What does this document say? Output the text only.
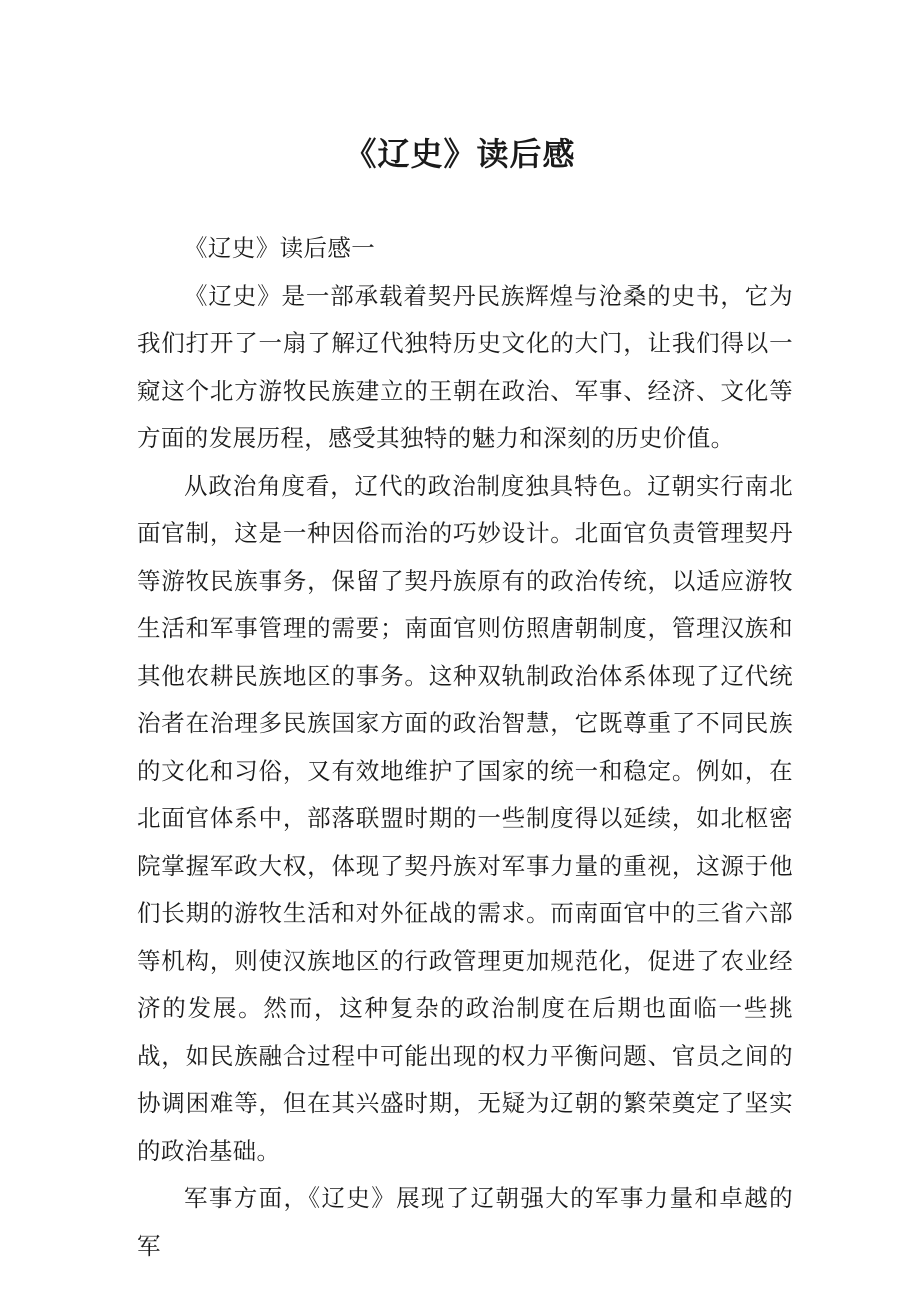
《辽史》读后感

《辽史》读后感一

《辽史》是一部承载着契丹民族辉煌与沧桑的史书，它为我们打开了一扇了解辽代独特历史文化的大门，让我们得以一窥这个北方游牧民族建立的王朝在政治、军事、经济、文化等方面的发展历程，感受其独特的魅力和深刻的历史价值。

从政治角度看，辽代的政治制度独具特色。辽朝实行南北面官制，这是一种因俗而治的巧妙设计。北面官负责管理契丹等游牧民族事务，保留了契丹族原有的政治传统，以适应游牧生活和军事管理的需要；南面官则仿照唐朝制度，管理汉族和其他农耕民族地区的事务。这种双轨制政治体系体现了辽代统治者在治理多民族国家方面的政治智慧，它既尊重了不同民族的文化和习俗，又有效地维护了国家的统一和稳定。例如，在北面官体系中，部落联盟时期的一些制度得以延续，如北枢密院掌握军政大权，体现了契丹族对军事力量的重视，这源于他们长期的游牧生活和对外征战的需求。而南面官中的三省六部等机构，则使汉族地区的行政管理更加规范化，促进了农业经济的发展。然而，这种复杂的政治制度在后期也面临一些挑战，如民族融合过程中可能出现的权力平衡问题、官员之间的协调困难等，但在其兴盛时期，无疑为辽朝的繁荣奠定了坚实的政治基础。

军事方面，《辽史》展现了辽朝强大的军事力量和卓越的军
